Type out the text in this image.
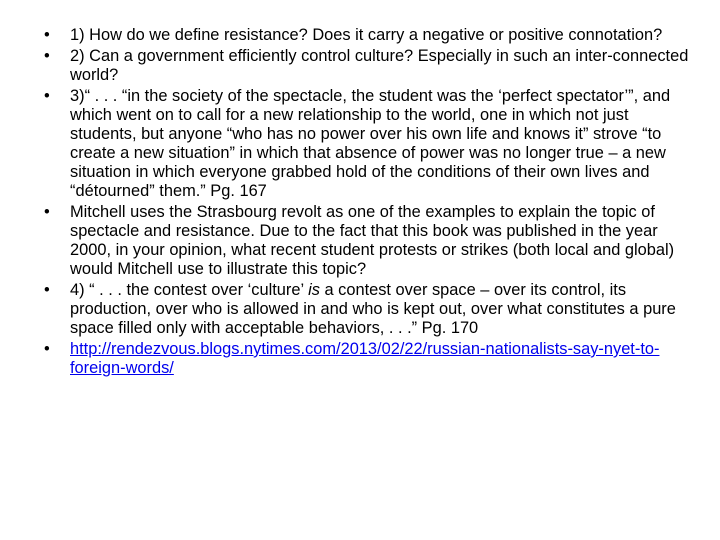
•	1) How do we define resistance? Does it carry a negative or positive connotation?
•	2) Can a government efficiently control culture? Especially in such an inter-connected world?
•	3)“ . . . “in the society of the spectacle, the student was the ‘perfect spectator’”, and which went on to call for a new relationship to the world, one in which not just students, but anyone “who has no power over his own life and knows it” strove “to create a new situation” in which that absence of power was no longer true – a new situation in which everyone grabbed hold of the conditions of their own lives and “détourned” them.” Pg. 167
•	Mitchell uses the Strasbourg revolt as one of the examples to explain the topic of spectacle and resistance. Due to the fact that this book was published in the year 2000, in your opinion, what recent student protests or strikes (both local and global) would Mitchell use to illustrate this topic?
•	4) “ . . . the contest over ‘culture’ is a contest over space – over its control, its production, over who is allowed in and who is kept out, over what constitutes a pure space filled only with acceptable behaviors, . . .” Pg. 170
•	http://rendezvous.blogs.nytimes.com/2013/02/22/russian-nationalists-say-nyet-to-foreign-words/
